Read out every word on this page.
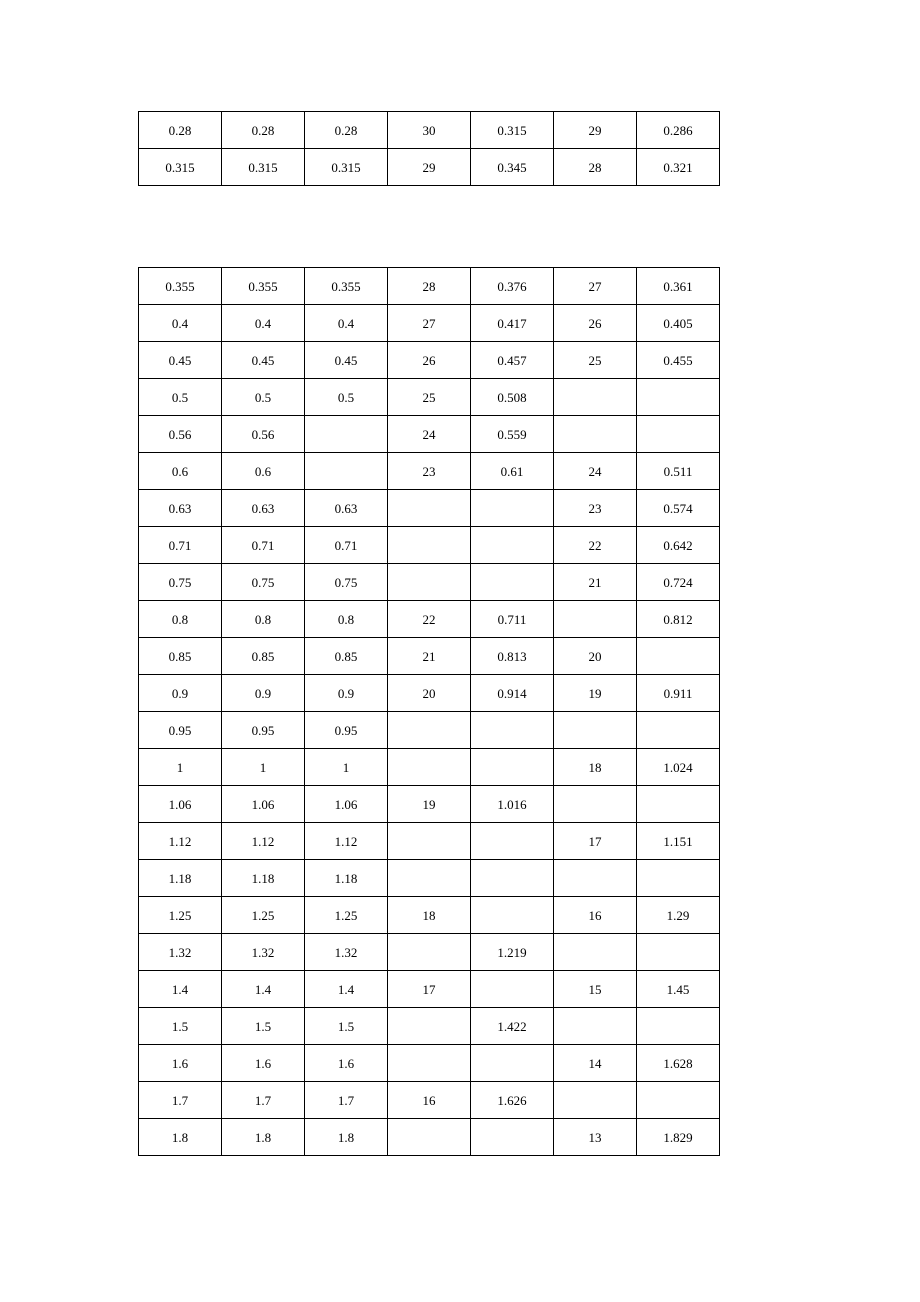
0.28	0.28	0.28	30	0.315	29	0.286
0.315	0.315	0.315	29	0.345	28	0.321
0.355	0.355	0.355	28	0.376	27	0.361
0.4	0.4	0.4	27	0.417	26	0.405
0.45	0.45	0.45	26	0.457	25	0.455
0.5	0.5	0.5	25	0.508		
0.56	0.56		24	0.559		
0.6	0.6		23	0.61	24	0.511
0.63	0.63	0.63			23	0.574
0.71	0.71	0.71			22	0.642
0.75	0.75	0.75			21	0.724
0.8	0.8	0.8	22	0.711		0.812
0.85	0.85	0.85	21	0.813	20	
0.9	0.9	0.9	20	0.914	19	0.911
0.95	0.95	0.95				
1	1	1			18	1.024
1.06	1.06	1.06	19	1.016		
1.12	1.12	1.12			17	1.151
1.18	1.18	1.18				
1.25	1.25	1.25	18		16	1.29
1.32	1.32	1.32		1.219		
1.4	1.4	1.4	17		15	1.45
1.5	1.5	1.5		1.422		
1.6	1.6	1.6			14	1.628
1.7	1.7	1.7	16	1.626		
1.8	1.8	1.8			13	1.829
